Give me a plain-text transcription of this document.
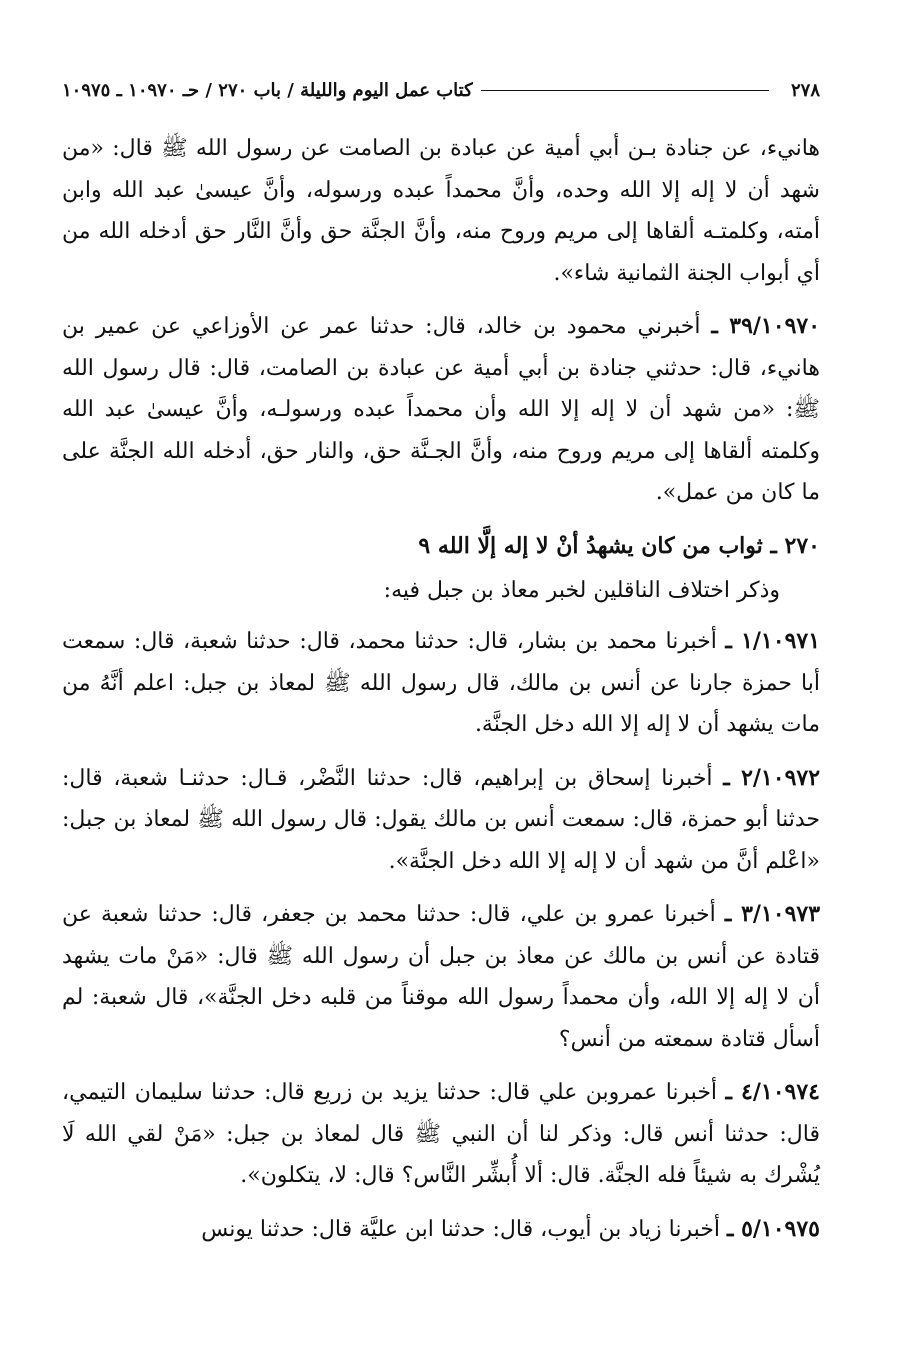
٢٧٨
كتاب عمل اليوم والليلة / باب ٢٧٠ / حـ ١٠٩٧٠ ـ ١٠٩٧٥

هانيء، عن جنادة بـن أبي أمية عن عبادة بن الصامت عن رسول الله ﷺ قال: «من شهد أن لا إله إلا الله وحده، وأنَّ محمداً عبده ورسوله، وأنَّ عيسىٰ عبد الله وابن أمته، وكلمتـه ألقاها إلى مريم وروح منه، وأنَّ الجنَّة حق وأنَّ النَّار حق أدخله الله من أي أبواب الجنة الثمانية شاء».

٣٩/١٠٩٧٠ ـ أخبرني محمود بن خالد، قال: حدثنا عمر عن الأوزاعي عن عمير بن هانيء، قال: حدثني جنادة بن أبي أمية عن عبادة بن الصامت، قال: قال رسول الله ﷺ: «من شهد أن لا إله إلا الله وأن محمداً عبده ورسولـه، وأنَّ عيسىٰ عبد الله وكلمته ألقاها إلى مريم وروح منه، وأنَّ الجـنَّة حق، والنار حق، أدخله الله الجنَّة على ما كان من عمل».

٢٧٠ ـ ثواب من كان يشهدُ أنْ لا إله إلَّا الله ٩

وذكر اختلاف الناقلين لخبر معاذ بن جبل فيه:

١/١٠٩٧١ ـ أخبرنا محمد بن بشار، قال: حدثنا محمد، قال: حدثنا شعبة، قال: سمعت أبا حمزة جارنا عن أنس بن مالك، قال رسول الله ﷺ لمعاذ بن جبل: اعلم أنَّهُ من مات يشهد أن لا إله إلا الله دخل الجنَّة.

٢/١٠٩٧٢ ـ أخبرنا إسحاق بن إبراهيم، قال: حدثنا النَّضْر، قـال: حدثنـا شعبة، قال: حدثنا أبو حمزة، قال: سمعت أنس بن مالك يقول: قال رسول الله ﷺ لمعاذ بن جبل: «اعْلم أنَّ من شهد أن لا إله إلا الله دخل الجنَّة».

٣/١٠٩٧٣ ـ أخبرنا عمرو بن علي، قال: حدثنا محمد بن جعفر، قال: حدثنا شعبة عن قتادة عن أنس بن مالك عن معاذ بن جبل أن رسول الله ﷺ قال: «مَنْ مات يشهد أن لا إله إلا الله، وأن محمداً رسول الله موقناً من قلبه دخل الجنَّة»، قال شعبة: لم أسأل قتادة سمعته من أنس؟

٤/١٠٩٧٤ ـ أخبرنا عمروبن علي قال: حدثنا يزيد بن زريع قال: حدثنا سليمان التيمي، قال: حدثنا أنس قال: وذكر لنا أن النبي ﷺ قال لمعاذ بن جبل: «مَنْ لقي الله لَا يُشْرك به شيئاً فله الجنَّة. قال: ألا أُبشِّر النَّاس؟ قال: لا، يتكلون».

٥/١٠٩٧٥ ـ أخبرنا زياد بن أيوب، قال: حدثنا ابن عليَّة قال: حدثنا يونس
